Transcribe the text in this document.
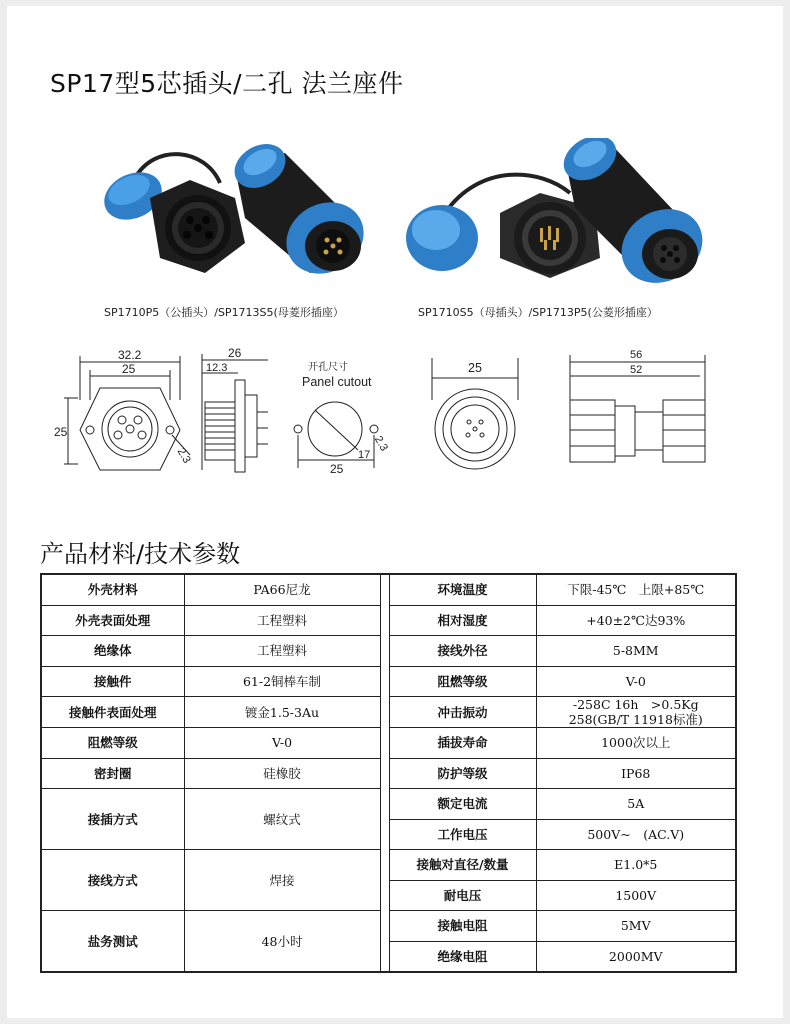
SP17型5芯插头/二孔 法兰座件
SP1710P5（公插头）/SP1713S5(母菱形插座）	SP1710S5（母插头）/SP1713P5(公菱形插座）
32.2
25
25
2.3
26
12.3	开孔尺寸
Panel cutout
17
2.3
25
25
56
52
产品材料/技术参数
外壳材料	PA66尼龙		环境温度	下限-45℃　上限+85℃
外壳表面处理	工程塑料		相对湿度	+40±2℃达93%
绝缘体	工程塑料		接线外径	5-8MM
接触件	61-2铜棒车制		阻燃等级	V-0
接触件表面处理	镀金1.5-3Au		冲击振动	-258C 16h　>0.5Kg
258(GB/T 11918标准)

阻燃等级	V-0		插拔寿命	1000次以上
密封圈	硅橡胶		防护等级	IP68
接插方式	螺纹式		额定电流	5A
			工作电压	500V~　(AC.V)
接线方式	焊接		接触对直径/数量	E1.0*5
			耐电压	1500V
盐务测试	48小时		接触电阻	5MV
			绝缘电阻	2000MV
